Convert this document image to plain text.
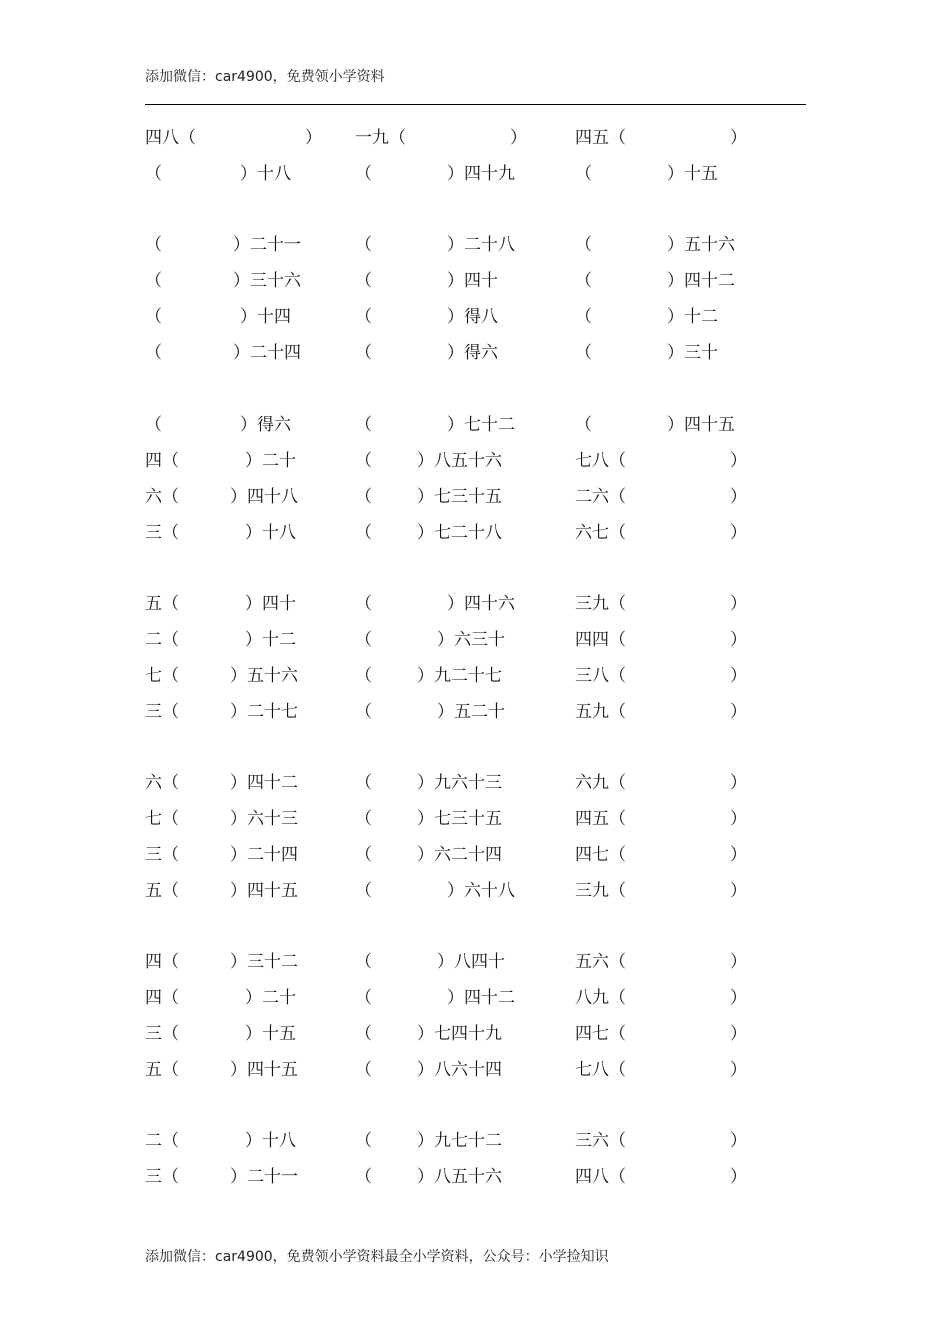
添加微信：car4900，免费领小学资料
四八（	） 一九（	）	四五（	）
（	）十八	（	）四十九	（	）十五
（	）二十一	（	）二十八	（	）五十六
（	）三十六	（	）四十	（	）四十二
（	）十四	（	）得八	（	）十二
（	）二十四	（	）得六	（	）三十
（	）得六	（	）七十二	（	）四十五
四（	）二十	（	）八五十六	七八（	）
六（	）四十八	（	）七三十五	二六（	）
三（	）十八	（	）七二十八	六七（	）
五（	）四十	（	）四十六	三九（	）
二（	）十二	（	）六三十	四四（	）
七（	）五十六	（	）九二十七	三八（	）
三（	）二十七	（	）五二十	五九（	）
六（	）四十二	（	）九六十三	六九（	）
七（	）六十三	（	）七三十五	四五（	）
三（	）二十四	（	）六二十四	四七（	）
五（	）四十五	（	）六十八	三九（	）
四（	）三十二	（	）八四十	五六（	）
四（	）二十	（	）四十二	八九（	）
三（	）十五	（	）七四十九	四七（	）
五（	）四十五	（	）八六十四	七八（	）
二（	）十八	（	）九七十二	三六（	）
三（	）二十一	（	）八五十六	四八（	）
添加微信：car4900，免费领小学资料最全小学资料，公众号：小学捡知识
